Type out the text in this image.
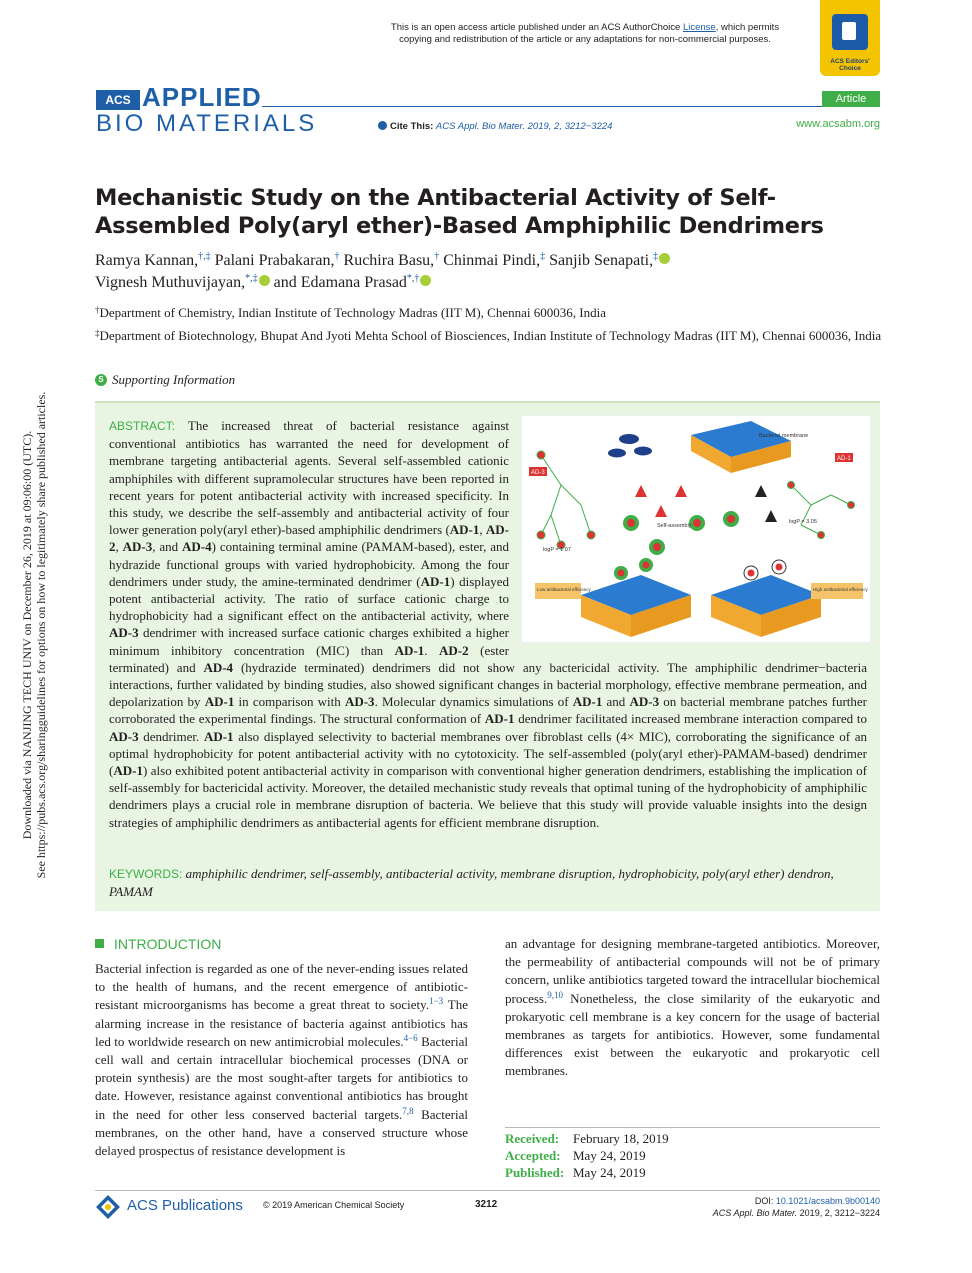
This is an open access article published under an ACS AuthorChoice License, which permits
copying and redistribution of the article or any adaptations for non-commercial purposes.
ACS Editors' Choice
ACS APPLIED
BIO MATERIALS
Article
Cite This: ACS Appl. Bio Mater. 2019, 2, 3212−3224	www.acsabm.org
Mechanistic Study on the Antibacterial Activity of Self-Assembled Poly(aryl ether)-Based Amphiphilic Dendrimers
Ramya Kannan,†,‡ Palani Prabakaran,† Ruchira Basu,† Chinmai Pindi,‡ Sanjib Senapati,‡
Vignesh Muthuvijayan,*,‡ and Edamana Prasad*,†
†Department of Chemistry, Indian Institute of Technology Madras (IIT M), Chennai 600036, India
‡Department of Biotechnology, Bhupat And Jyoti Mehta School of Biosciences, Indian Institute of Technology Madras (IIT M), Chennai 600036, India
S Supporting Information
Bacterial membrane
AD-3
AD-1
Self-assembly
logP = 1.07
logP = 3.05
Low antibacterial efficiency	High antibacterial efficiency
ABSTRACT: The increased threat of bacterial resistance against conventional antibiotics has warranted the need for development of membrane targeting antibacterial agents. Several self-assembled cationic amphiphiles with different supramolecular structures have been reported in recent years for potent antibacterial activity with increased specificity. In this study, we describe the self-assembly and antibacterial activity of four lower generation poly(aryl ether)-based amphiphilic dendrimers (AD-1, AD-2, AD-3, and AD-4) containing terminal amine (PAMAM-based), ester, and hydrazide functional groups with varied hydrophobicity. Among the four dendrimers under study, the amine-terminated dendrimer (AD-1) displayed potent antibacterial activity. The ratio of surface cationic charge to hydrophobicity had a significant effect on the antibacterial activity, where AD-3 dendrimer with increased surface cationic charges exhibited a higher minimum inhibitory concentration (MIC) than AD-1. AD-2 (ester terminated) and AD-4 (hydrazide terminated) dendrimers did not show any bactericidal activity. The amphiphilic dendrimer−bacteria interactions, further validated by binding studies, also showed significant changes in bacterial morphology, effective membrane permeation, and depolarization by AD-1 in comparison with AD-3. Molecular dynamics simulations of AD-1 and AD-3 on bacterial membrane patches further corroborated the experimental findings. The structural conformation of AD-1 dendrimer facilitated increased membrane interaction compared to AD-3 dendrimer. AD-1 also displayed selectivity to bacterial membranes over fibroblast cells (4× MIC), corroborating the significance of an optimal hydrophobicity for potent antibacterial activity with no cytotoxicity. The self-assembled (poly(aryl ether)-PAMAM-based) dendrimer (AD-1) also exhibited potent antibacterial activity in comparison with conventional higher generation dendrimers, establishing the implication of self-assembly for bactericidal activity. Moreover, the detailed mechanistic study reveals that optimal tuning of the hydrophobicity of amphiphilic dendrimers plays a crucial role in membrane disruption of bacteria. We believe that this study will provide valuable insights into the design strategies of amphiphilic dendrimers as antibacterial agents for efficient membrane disruption.
KEYWORDS: amphiphilic dendrimer, self-assembly, antibacterial activity, membrane disruption, hydrophobicity, poly(aryl ether) dendron, PAMAM
INTRODUCTION
Bacterial infection is regarded as one of the never-ending issues related to the health of humans, and the recent emergence of antibiotic-resistant microorganisms has become a great threat to society.$^{1-3}$ The alarming increase in the resistance of bacteria against antibiotics has led to worldwide research on new antimicrobial molecules.$^{4-6}$ Bacterial cell wall and certain intracellular biochemical processes (DNA or protein synthesis) are the most sought-after targets for antibiotics to date. However, resistance against conventional antibiotics has brought in the need for other less conserved bacterial targets.$^{7,8}$ Bacterial membranes, on the other hand, have a conserved structure whose delayed prospectus of resistance development is
an advantage for designing membrane-targeted antibiotics. Moreover, the permeability of antibacterial compounds will not be of primary concern, unlike antibiotics targeted toward the intracellular biochemical process.$^{9,10}$ Nonetheless, the close similarity of the eukaryotic and prokaryotic cell membrane is a key concern for the usage of bacterial membranes as targets for antibiotics. However, some fundamental differences exist between the eukaryotic and prokaryotic cell membranes.
Received:	February 18, 2019
Accepted: May 24, 2019
Published: May 24, 2019
Downloaded via NANJING TECH UNIV on December 26, 2019 at 09:06:00 (UTC). See https://pubs.acs.org/sharingguidelines for options on how to legitimately share published articles.
ACS Publications © 2019 American Chemical Society	3212	DOI: 10.1021/acsabm.9b00140
ACS Appl. Bio Mater. 2019, 2, 3212−3224
